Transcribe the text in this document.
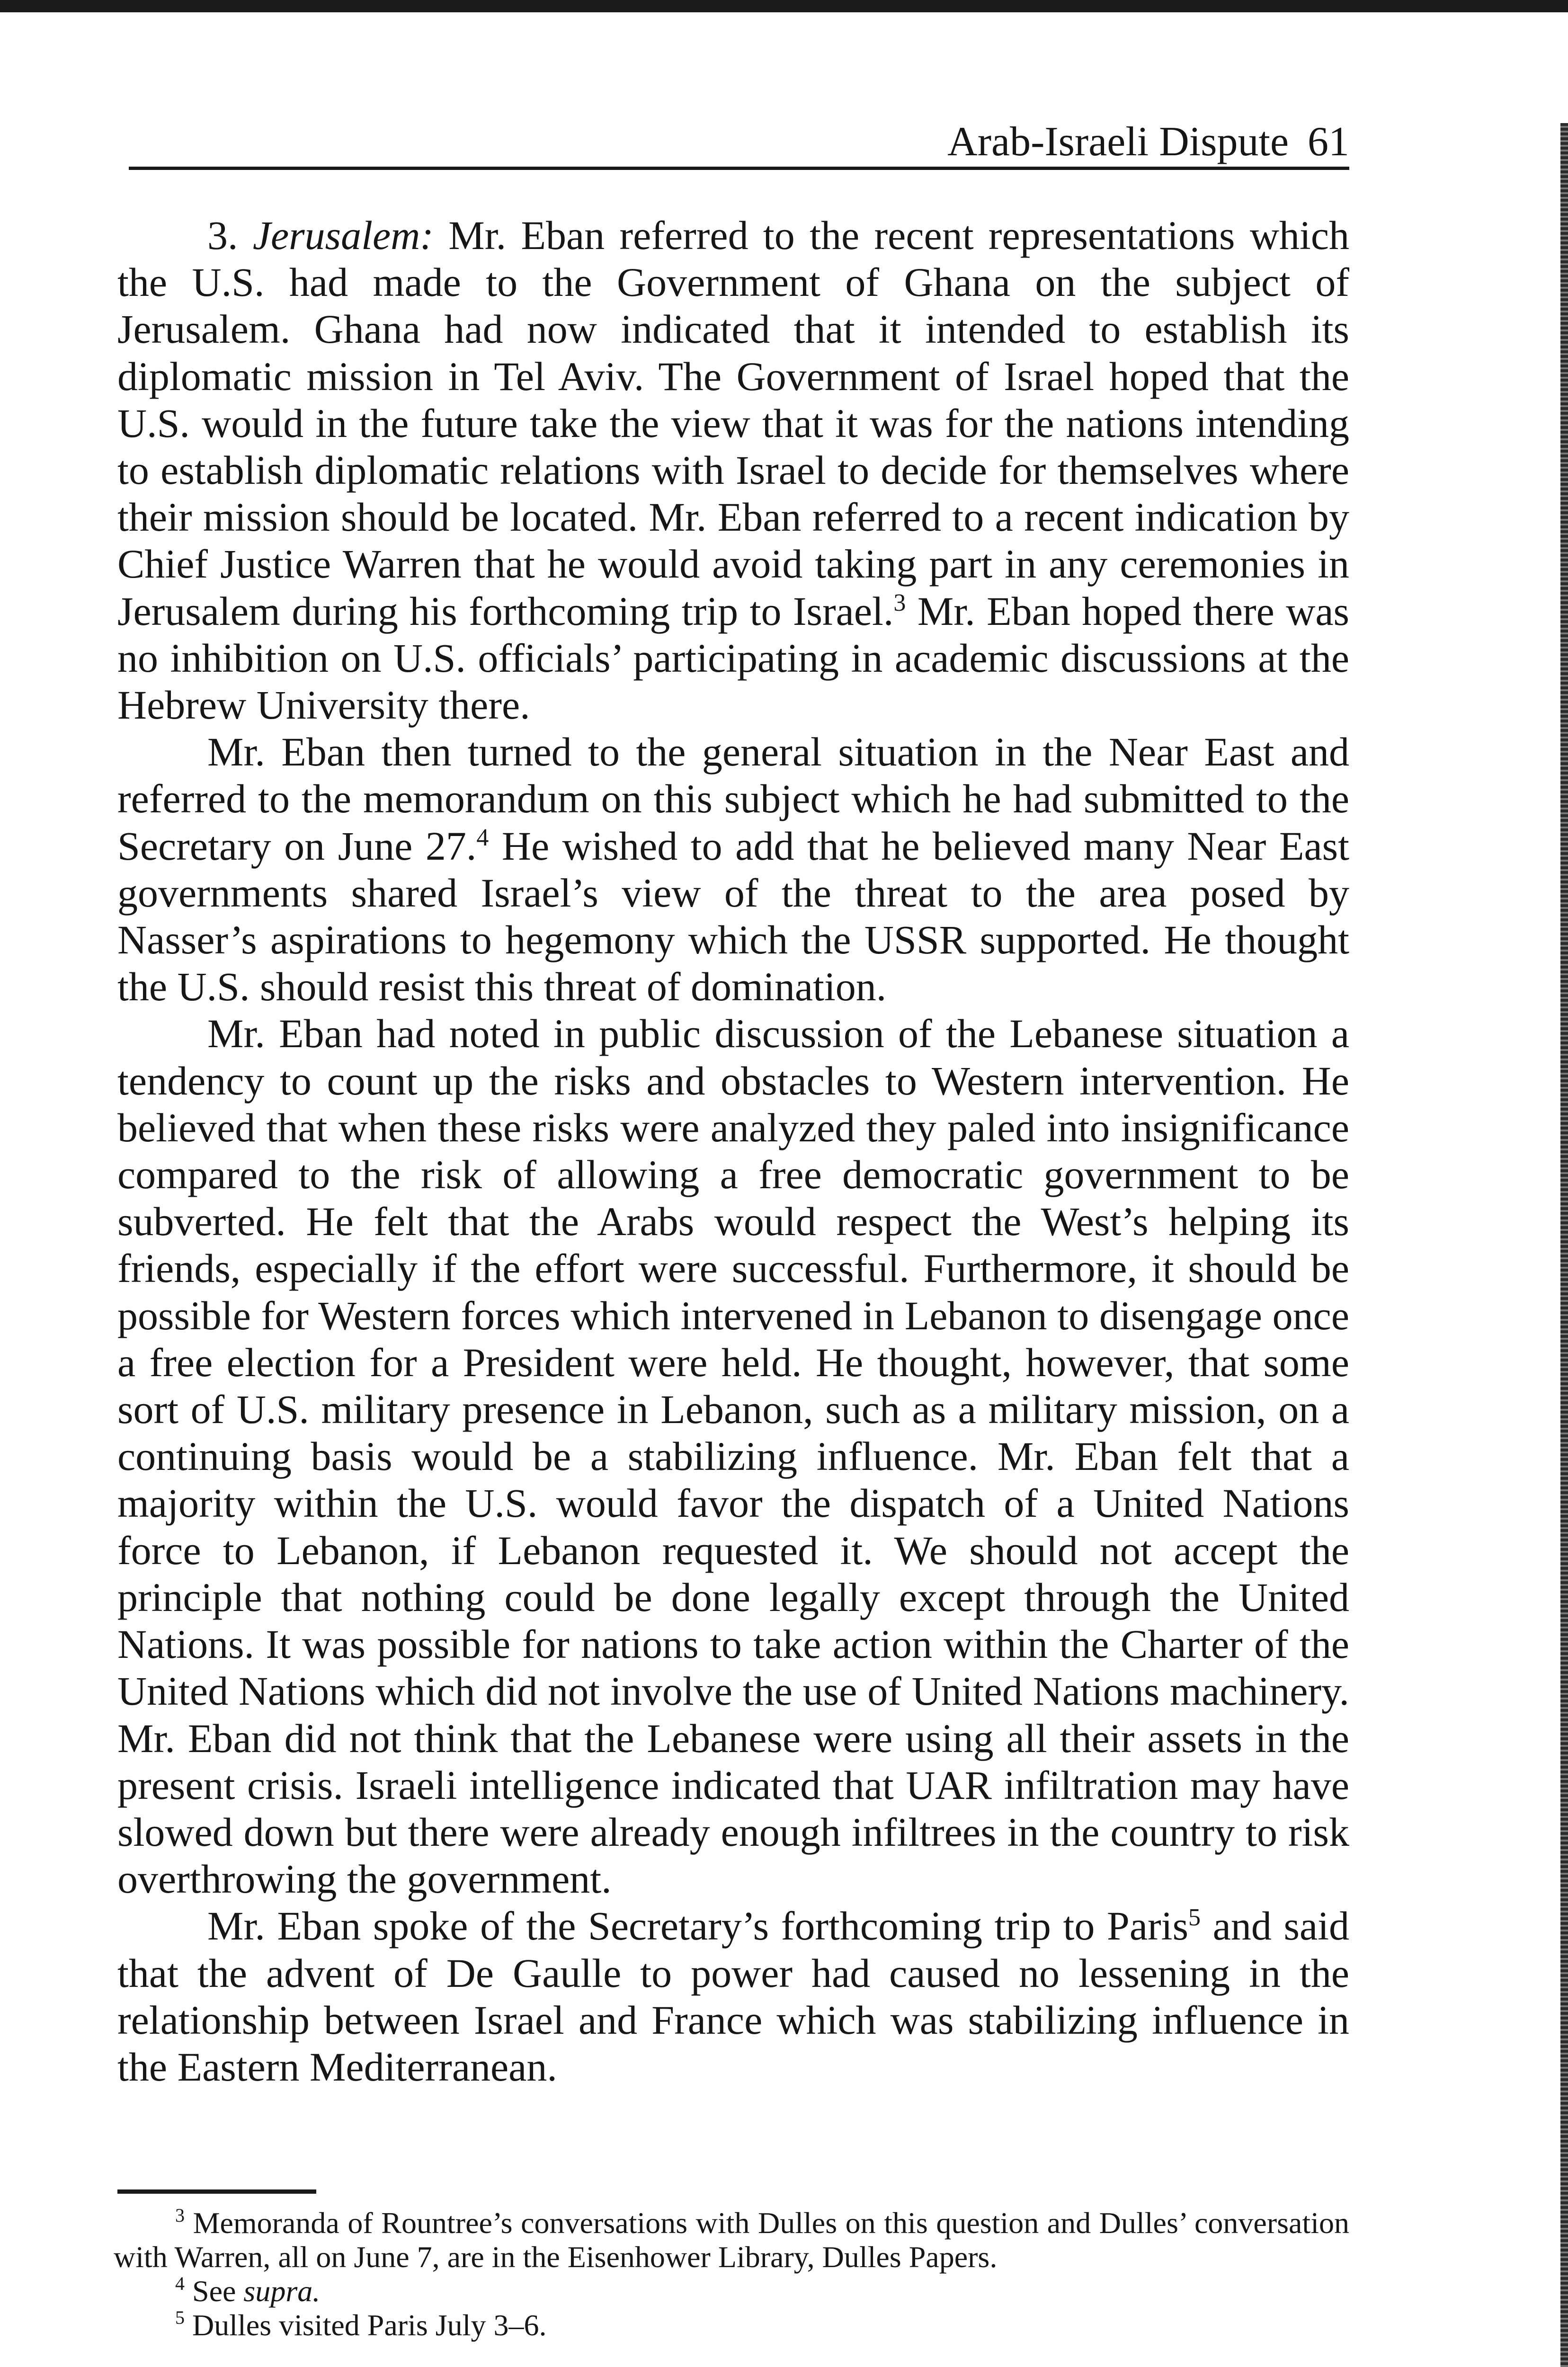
Arab-Israeli Dispute 61

3. Jerusalem: Mr. Eban referred to the recent representations which the U.S. had made to the Government of Ghana on the subject of Jerusalem. Ghana had now indicated that it intended to establish its diplomatic mission in Tel Aviv. The Government of Israel hoped that the U.S. would in the future take the view that it was for the nations intending to establish diplomatic relations with Israel to decide for themselves where their mission should be located. Mr. Eban referred to a recent indication by Chief Justice Warren that he would avoid taking part in any ceremonies in Jerusalem during his forthcoming trip to Israel.$^3$ Mr. Eban hoped there was no inhibition on U.S. officials’ participating in academic discussions at the Hebrew University there.

Mr. Eban then turned to the general situation in the Near East and referred to the memorandum on this subject which he had submitted to the Secretary on June 27.$^4$ He wished to add that he believed many Near East governments shared Israel’s view of the threat to the area posed by Nasser’s aspirations to hegemony which the USSR supported. He thought the U.S. should resist this threat of domination.

Mr. Eban had noted in public discussion of the Lebanese situation a tendency to count up the risks and obstacles to Western intervention. He believed that when these risks were analyzed they paled into insignificance compared to the risk of allowing a free democratic government to be subverted. He felt that the Arabs would respect the West’s helping its friends, especially if the effort were successful. Furthermore, it should be possible for Western forces which intervened in Lebanon to disengage once a free election for a President were held. He thought, however, that some sort of U.S. military presence in Lebanon, such as a military mission, on a continuing basis would be a stabilizing influence. Mr. Eban felt that a majority within the U.S. would favor the dispatch of a United Nations force to Lebanon, if Lebanon requested it. We should not accept the principle that nothing could be done legally except through the United Nations. It was possible for nations to take action within the Charter of the United Nations which did not involve the use of United Nations machinery. Mr. Eban did not think that the Lebanese were using all their assets in the present crisis. Israeli intelligence indicated that UAR infiltration may have slowed down but there were already enough infiltrees in the country to risk overthrowing the government.

Mr. Eban spoke of the Secretary’s forthcoming trip to Paris$^5$ and said that the advent of De Gaulle to power had caused no lessening in the relationship between Israel and France which was stabilizing influence in the Eastern Mediterranean.

$^3$ Memoranda of Rountree’s conversations with Dulles on this question and Dulles’ conversation with Warren, all on June 7, are in the Eisenhower Library, Dulles Papers.

$^4$ See supra.

$^5$ Dulles visited Paris July 3–6.
